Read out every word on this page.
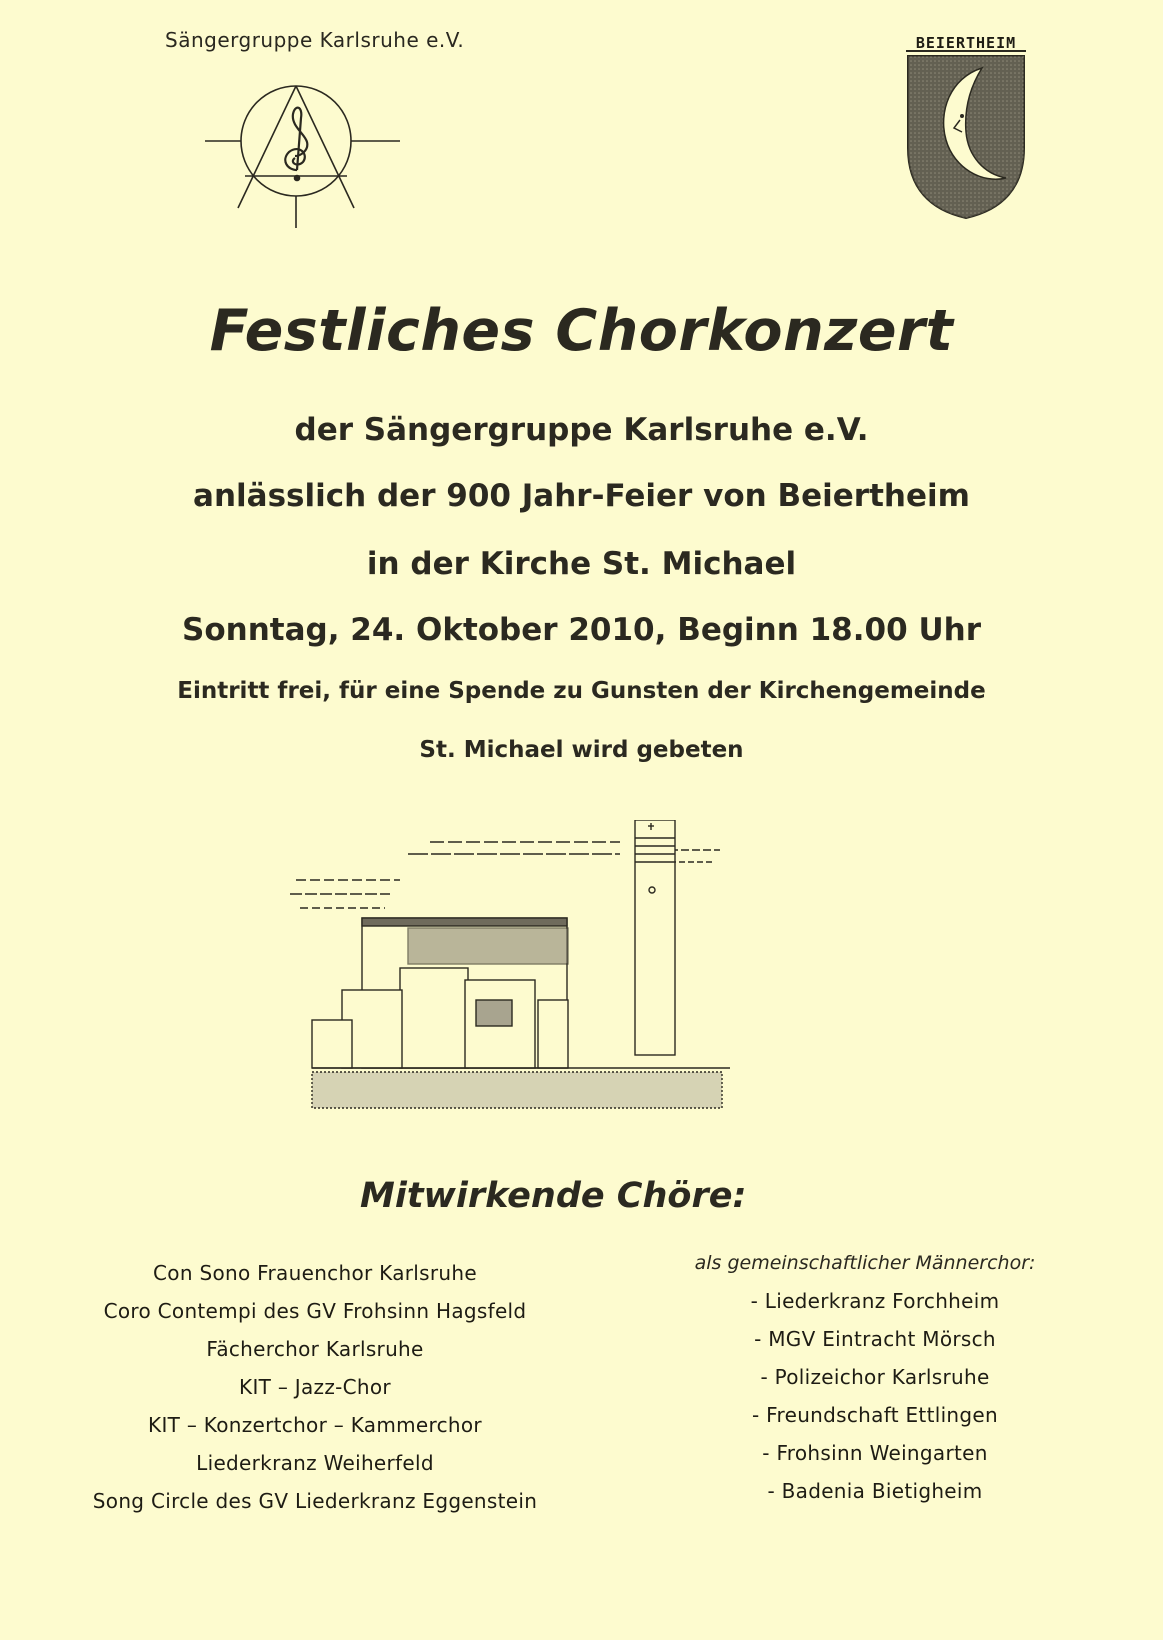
Sängergruppe Karlsruhe e.V.	BEIERTHEIM
Festliches Chorkonzert
der Sängergruppe Karlsruhe e.V.
anlässlich der 900 Jahr-Feier von Beiertheim
in der Kirche St. Michael
Sonntag, 24. Oktober 2010, Beginn 18.00 Uhr
Eintritt frei, für eine Spende zu Gunsten der Kirchengemeinde
St. Michael wird gebeten
Mitwirkende Chöre:
Con Sono Frauenchor Karlsruhe
Coro Contempi des GV Frohsinn Hagsfeld
Fächerchor Karlsruhe
KIT – Jazz-Chor
KIT – Konzertchor – Kammerchor
Liederkranz Weiherfeld
Song Circle des GV Liederkranz Eggenstein
als gemeinschaftlicher Männerchor:
- Liederkranz Forchheim
- MGV Eintracht Mörsch
- Polizeichor Karlsruhe
- Freundschaft Ettlingen
- Frohsinn Weingarten
- Badenia Bietigheim
